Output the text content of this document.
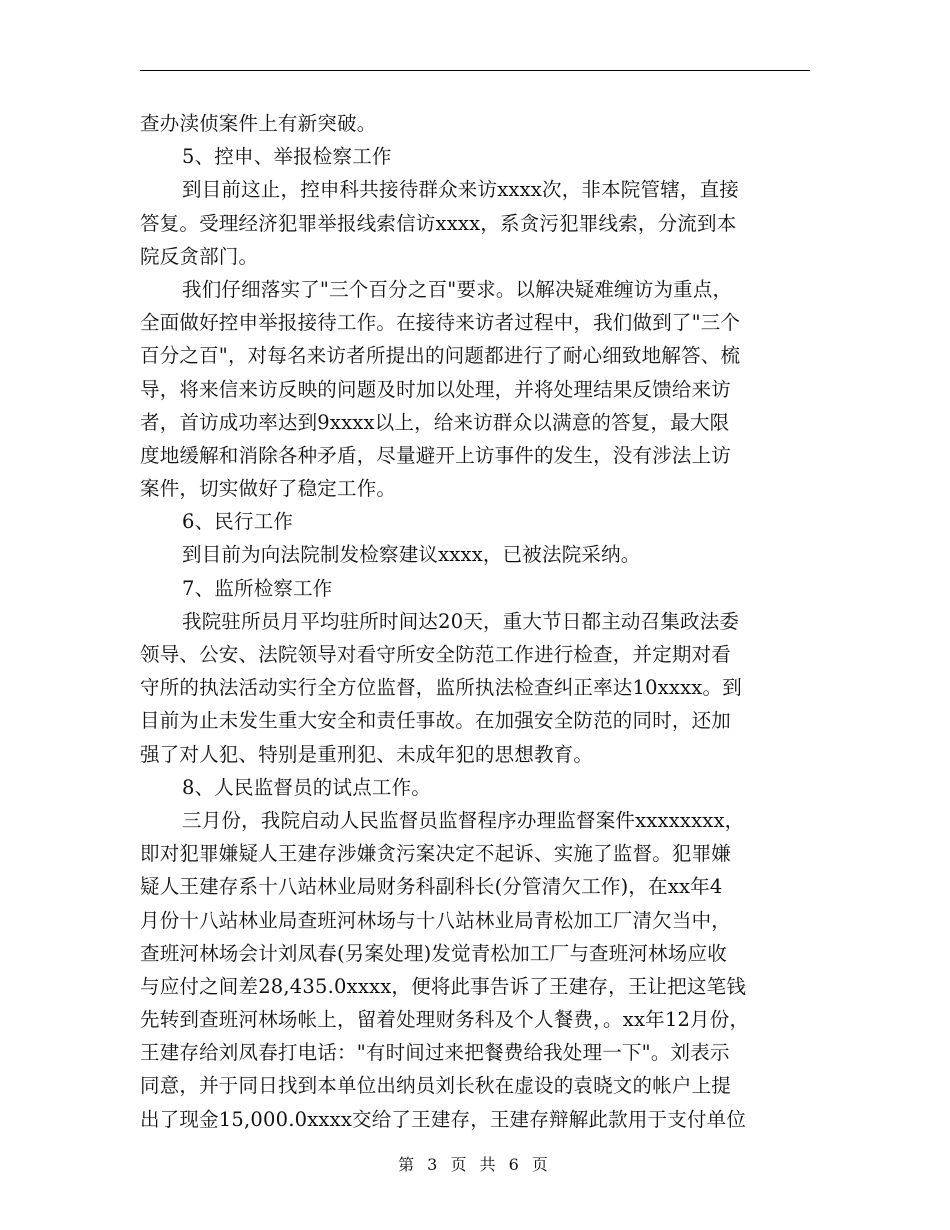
查办渎侦案件上有新突破。
5、控申、举报检察工作
到目前这止，控申科共接待群众来访xxxx次，非本院管辖，直接
答复。受理经济犯罪举报线索信访xxxx，系贪污犯罪线索，分流到本
院反贪部门。
我们仔细落实了"三个百分之百"要求。以解决疑难缠访为重点，
全面做好控申举报接待工作。在接待来访者过程中，我们做到了"三个
百分之百"，对每名来访者所提出的问题都进行了耐心细致地解答、梳
导，将来信来访反映的问题及时加以处理，并将处理结果反馈给来访
者，首访成功率达到9xxxx以上，给来访群众以满意的答复，最大限
度地缓解和消除各种矛盾，尽量避开上访事件的发生，没有涉法上访
案件，切实做好了稳定工作。
6、民行工作
到目前为向法院制发检察建议xxxx，已被法院采纳。
7、监所检察工作
我院驻所员月平均驻所时间达20天，重大节日都主动召集政法委
领导、公安、法院领导对看守所安全防范工作进行检查，并定期对看
守所的执法活动实行全方位监督，监所执法检查纠正率达10xxxx。到
目前为止未发生重大安全和责任事故。在加强安全防范的同时，还加
强了对人犯、特别是重刑犯、未成年犯的思想教育。
8、人民监督员的试点工作。
三月份，我院启动人民监督员监督程序办理监督案件xxxxxxxx，
即对犯罪嫌疑人王建存涉嫌贪污案决定不起诉、实施了监督。犯罪嫌
疑人王建存系十八站林业局财务科副科长(分管清欠工作)，在xx年4
月份十八站林业局查班河林场与十八站林业局青松加工厂清欠当中，
查班河林场会计刘凤春(另案处理)发觉青松加工厂与查班河林场应收
与应付之间差28,435.0xxxx，便将此事告诉了王建存，王让把这笔钱
先转到查班河林场帐上，留着处理财务科及个人餐费，。xx年12月份，
王建存给刘凤春打电话："有时间过来把餐费给我处理一下"。刘表示
同意，并于同日找到本单位出纳员刘长秋在虚设的袁晓文的帐户上提
出了现金15,000.0xxxx交给了王建存，王建存辩解此款用于支付单位
第 3 页 共 6 页
